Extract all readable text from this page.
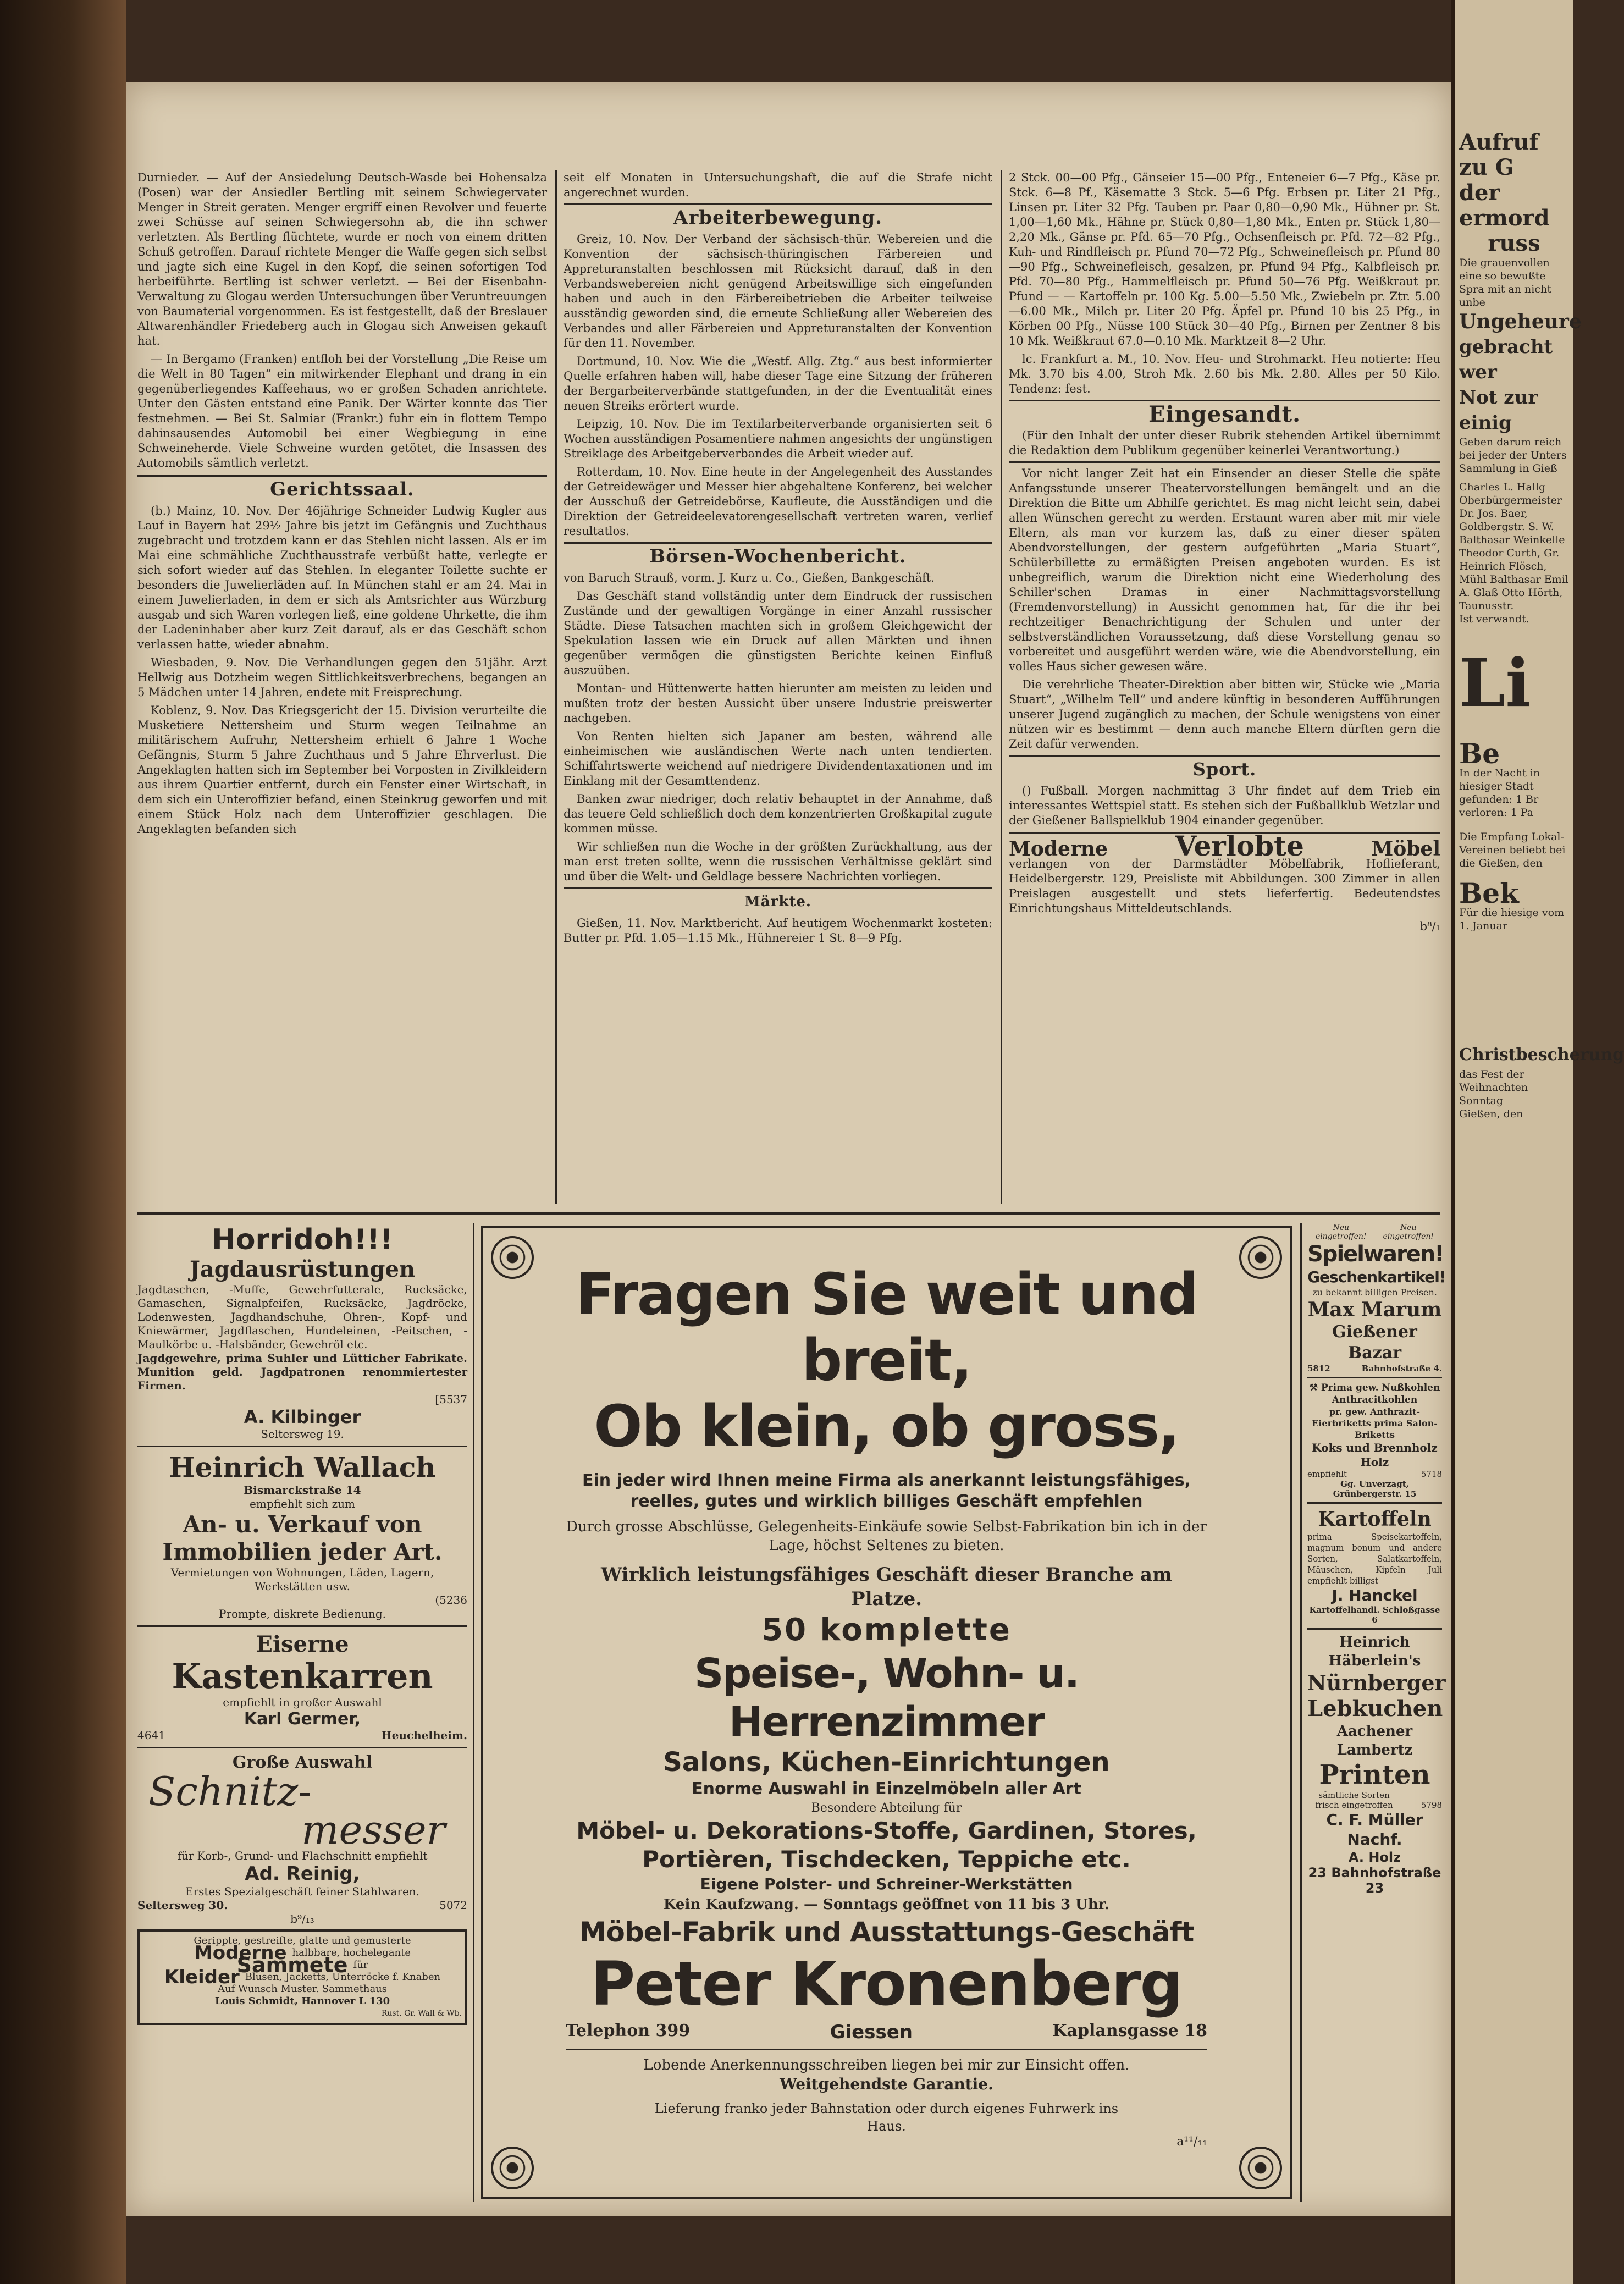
Durnieder. — Auf der Ansiedelung Deutsch-Wasde bei Hohensalza (Posen) war der Ansiedler Bertling mit seinem Schwiegervater Menger in Streit geraten. Menger ergriff einen Revolver und feuerte zwei Schüsse auf seinen Schwiegersohn ab, die ihn schwer verletzten. Als Bertling flüchtete, wurde er noch von einem dritten Schuß getroffen. Darauf richtete Menger die Waffe gegen sich selbst und jagte sich eine Kugel in den Kopf, die seinen sofortigen Tod herbeiführte. Bertling ist schwer verletzt. — Bei der Eisenbahn-Verwaltung zu Glogau werden Untersuchungen über Veruntreuungen von Baumaterial vorgenommen. Es ist festgestellt, daß der Breslauer Altwarenhändler Friedeberg auch in Glogau sich Anweisen gekauft hat.

— In Bergamo (Franken) entfloh bei der Vorstellung „Die Reise um die Welt in 80 Tagen“ ein mitwirkender Elephant und drang in ein gegenüberliegendes Kaffeehaus, wo er großen Schaden anrichtete. Unter den Gästen entstand eine Panik. Der Wärter konnte das Tier festnehmen. — Bei St. Salmiar (Frankr.) fuhr ein in flottem Tempo dahinsausendes Automobil bei einer Wegbiegung in eine Schweineherde. Viele Schweine wurden getötet, die Insassen des Automobils sämtlich verletzt.

Gerichtssaal.

(b.) Mainz, 10. Nov. Der 46jährige Schneider Ludwig Kugler aus Lauf in Bayern hat 29½ Jahre bis jetzt im Gefängnis und Zuchthaus zugebracht und trotzdem kann er das Stehlen nicht lassen. Als er im Mai eine schmähliche Zuchthausstrafe verbüßt hatte, verlegte er sich sofort wieder auf das Stehlen. In eleganter Toilette suchte er besonders die Juwelierläden auf. In München stahl er am 24. Mai in einem Juwelierladen, in dem er sich als Amtsrichter aus Würzburg ausgab und sich Waren vorlegen ließ, eine goldene Uhrkette, die ihm der Ladeninhaber aber kurz Zeit darauf, als er das Geschäft schon verlassen hatte, wieder abnahm.

Wiesbaden, 9. Nov. Die Verhandlungen gegen den 51jähr. Arzt Hellwig aus Dotzheim wegen Sittlichkeitsverbrechens, begangen an 5 Mädchen unter 14 Jahren, endete mit Freisprechung.

Koblenz, 9. Nov. Das Kriegsgericht der 15. Division verurteilte die Musketiere Nettersheim und Sturm wegen Teilnahme an militärischem Aufruhr, Nettersheim erhielt 6 Jahre 1 Woche Gefängnis, Sturm 5 Jahre Zuchthaus und 5 Jahre Ehrverlust. Die Angeklagten hatten sich im September bei Vorposten in Zivilkleidern aus ihrem Quartier entfernt, durch ein Fenster einer Wirtschaft, in dem sich ein Unteroffizier befand, einen Steinkrug geworfen und mit einem Stück Holz nach dem Unteroffizier geschlagen. Die Angeklagten befanden sich

seit elf Monaten in Untersuchungshaft, die auf die Strafe nicht angerechnet wurden.

Arbeiterbewegung.

Greiz, 10. Nov. Der Verband der sächsisch-thür. Webereien und die Konvention der sächsisch-thüringischen Färbereien und Appreturanstalten beschlossen mit Rücksicht darauf, daß in den Verbandswebereien nicht genügend Arbeitswillige sich eingefunden haben und auch in den Färbereibetrieben die Arbeiter teilweise ausständig geworden sind, die erneute Schließung aller Webereien des Verbandes und aller Färbereien und Appreturanstalten der Konvention für den 11. November.

Dortmund, 10. Nov. Wie die „Westf. Allg. Ztg.“ aus best informierter Quelle erfahren haben will, habe dieser Tage eine Sitzung der früheren der Bergarbeiterverbände stattgefunden, in der die Eventualität eines neuen Streiks erörtert wurde.

Leipzig, 10. Nov. Die im Textilarbeiterverbande organisierten seit 6 Wochen ausständigen Posamentiere nahmen angesichts der ungünstigen Streiklage des Arbeitgeberverbandes die Arbeit wieder auf.

Rotterdam, 10. Nov. Eine heute in der Angelegenheit des Ausstandes der Getreidewäger und Messer hier abgehaltene Konferenz, bei welcher der Ausschuß der Getreidebörse, Kaufleute, die Ausständigen und die Direktion der Getreideelevatorengesellschaft vertreten waren, verlief resultatlos.

Börsen-Wochenbericht.

von Baruch Strauß, vorm. J. Kurz u. Co., Gießen, Bankgeschäft.

Das Geschäft stand vollständig unter dem Eindruck der russischen Zustände und der gewaltigen Vorgänge in einer Anzahl russischer Städte. Diese Tatsachen machten sich in großem Gleichgewicht der Spekulation lassen wie ein Druck auf allen Märkten und ihnen gegenüber vermögen die günstigsten Berichte keinen Einfluß auszuüben.

Montan- und Hüttenwerte hatten hierunter am meisten zu leiden und mußten trotz der besten Aussicht über unsere Industrie preiswerter nachgeben.

Von Renten hielten sich Japaner am besten, während alle einheimischen wie ausländischen Werte nach unten tendierten. Schiffahrtswerte weichend auf niedrigere Dividendentaxationen und im Einklang mit der Gesamttendenz.

Banken zwar niedriger, doch relativ behauptet in der Annahme, daß das teuere Geld schließlich doch dem konzentrierten Großkapital zugute kommen müsse.

Wir schließen nun die Woche in der größten Zurückhaltung, aus der man erst treten sollte, wenn die russischen Verhältnisse geklärt sind und über die Welt- und Geldlage bessere Nachrichten vorliegen.

Märkte.

Gießen, 11. Nov. Marktbericht. Auf heutigem Wochenmarkt kosteten: Butter pr. Pfd. 1.05—1.15 Mk., Hühnereier 1 St. 8—9 Pfg.

2 Stck. 00—00 Pfg., Gänseier 15—00 Pfg., Enteneier 6—7 Pfg., Käse pr. Stck. 6—8 Pf., Käsematte 3 Stck. 5—6 Pfg. Erbsen pr. Liter 21 Pfg., Linsen pr. Liter 32 Pfg. Tauben pr. Paar 0,80—0,90 Mk., Hühner pr. St. 1,00—1,60 Mk., Hähne pr. Stück 0,80—1,80 Mk., Enten pr. Stück 1,80—2,20 Mk., Gänse pr. Pfd. 65—70 Pfg., Ochsenfleisch pr. Pfd. 72—82 Pfg., Kuh- und Rindfleisch pr. Pfund 70—72 Pfg., Schweinefleisch pr. Pfund 80—90 Pfg., Schweinefleisch, gesalzen, pr. Pfund 94 Pfg., Kalbfleisch pr. Pfd. 70—80 Pfg., Hammelfleisch pr. Pfund 50—76 Pfg. Weißkraut pr. Pfund — — Kartoffeln pr. 100 Kg. 5.00—5.50 Mk., Zwiebeln pr. Ztr. 5.00—6.00 Mk., Milch pr. Liter 20 Pfg. Äpfel pr. Pfund 10 bis 25 Pfg., in Körben 00 Pfg., Nüsse 100 Stück 30—40 Pfg., Birnen per Zentner 8 bis 10 Mk. Weißkraut 67.0—0.10 Mk. Marktzeit 8—2 Uhr.

lc. Frankfurt a. M., 10. Nov. Heu- und Strohmarkt. Heu notierte: Heu Mk. 3.70 bis 4.00, Stroh Mk. 2.60 bis Mk. 2.80. Alles per 50 Kilo. Tendenz: fest.

Eingesandt.

(Für den Inhalt der unter dieser Rubrik stehenden Artikel übernimmt die Redaktion dem Publikum gegenüber keinerlei Verantwortung.)

Vor nicht langer Zeit hat ein Einsender an dieser Stelle die späte Anfangsstunde unserer Theatervorstellungen bemängelt und an die Direktion die Bitte um Abhilfe gerichtet. Es mag nicht leicht sein, dabei allen Wünschen gerecht zu werden. Erstaunt waren aber mit mir viele Eltern, als man vor kurzem las, daß zu einer dieser späten Abendvorstellungen, der gestern aufgeführten „Maria Stuart“, Schülerbillette zu ermäßigten Preisen angeboten wurden. Es ist unbegreiflich, warum die Direktion nicht eine Wiederholung des Schiller'schen Dramas in einer Nachmittagsvorstellung (Fremdenvorstellung) in Aussicht genommen hat, für die ihr bei rechtzeitiger Benachrichtigung der Schulen und unter der selbstverständlichen Voraussetzung, daß diese Vorstellung genau so vorbereitet und ausgeführt werden wäre, wie die Abendvorstellung, ein volles Haus sicher gewesen wäre.

Die verehrliche Theater-Direktion aber bitten wir, Stücke wie „Maria Stuart“, „Wilhelm Tell“ und andere künftig in besonderen Aufführungen unserer Jugend zugänglich zu machen, der Schule wenigstens von einer nützen wir es bestimmt — denn auch manche Eltern dürften gern die Zeit dafür verwenden.

Sport.

() Fußball. Morgen nachmittag 3 Uhr findet auf dem Trieb ein interessantes Wettspiel statt. Es stehen sich der Fußballklub Wetzlar und der Gießener Ballspielklub 1904 einander gegenüber.

Moderne Verlobte	Möbel

verlangen von der Darmstädter Möbelfabrik, Hoflieferant, Heidelbergerstr. 129, Preisliste mit Abbildungen. 300 Zimmer in allen Preislagen ausgestellt und stets lieferfertig. Bedeutendstes Einrichtungshaus Mitteldeutschlands.

b⁸/₁
Horridoh!!!
Jagdausrüstungen
Jagdtaschen, -Muffe, Gewehrfutterale, Rucksäcke, Gamaschen, Signalpfeifen, Rucksäcke, Jagdröcke, Lodenwesten, Jagdhandschuhe, Ohren-, Kopf- und Kniewärmer, Jagdflaschen, Hundeleinen, -Peitschen, -Maulkörbe u. -Halsbänder, Gewehröl etc.
Jagdgewehre, prima Suhler und Lütticher Fabrikate. Munition geld. Jagdpatronen renommiertester Firmen.
[5537
A. Kilbinger
Seltersweg 19.
Heinrich Wallach
Bismarckstraße 14
empfiehlt sich zum
An- u. Verkauf von Immobilien jeder Art.
Vermietungen von Wohnungen, Läden, Lagern, Werkstätten usw.
(5236
Prompte, diskrete Bedienung.
Eiserne
Kastenkarren
empfiehlt in großer Auswahl
Karl Germer,
4641	Heuchelheim.
Große Auswahl
Schnitz-
messer
für Korb-, Grund- und Flachschnitt empfiehlt
Ad. Reinig,
Erstes Spezialgeschäft feiner Stahlwaren.
Seltersweg 30.	5072
b⁹/₁₃
Gerippte, gestreifte, glatte und gemusterte
Moderne halbbare, hochelegante
Sammete für
Kleider Blusen, Jacketts, Unterröcke f. Knaben
Auf Wunsch Muster. Sammethaus
Louis Schmidt, Hannover L 130
Rust. Gr. Wall & Wb.
Fragen Sie weit und breit,
Ob klein, ob gross,
Ein jeder wird Ihnen meine Firma als anerkannt leistungsfähiges, reelles, gutes und wirklich billiges Geschäft empfehlen
Durch grosse Abschlüsse, Gelegenheits-Einkäufe sowie Selbst-Fabrikation bin ich in der Lage, höchst Seltenes zu bieten.
Wirklich leistungsfähiges Geschäft dieser Branche am Platze.
50 komplette
Speise-, Wohn- u. Herrenzimmer
Salons, Küchen-Einrichtungen
Enorme Auswahl in Einzelmöbeln aller Art
Besondere Abteilung für
Möbel- u. Dekorations-Stoffe, Gardinen, Stores, Portièren, Tischdecken, Teppiche etc.
Eigene Polster- und Schreiner-Werkstätten
Kein Kaufzwang. — Sonntags geöffnet von 11 bis 3 Uhr.
Möbel-Fabrik und Ausstattungs-Geschäft
Peter Kronenberg
Telephon 399	Giessen	Kaplansgasse 18
Lobende Anerkennungsschreiben liegen bei mir zur Einsicht offen.
Weitgehendste Garantie.
Lieferung franko jeder Bahnstation oder durch eigenes Fuhrwerk ins Haus.
a¹¹/₁₁
Neu eingetroffen!
Neu eingetroffen!
Spielwaren!
Geschenkartikel!
zu bekannt billigen Preisen.
Max Marum
Gießener Bazar
5812	Bahnhofstraße 4.
⚒ Prima gew. Nußkohlen Anthracitkohlen
pr. gew. Anthrazit-Eierbriketts prima Salon-Briketts
Koks und Brennholz Holz
empfiehlt	5718
Gg. Unverzagt, Grünbergerstr. 15
Kartoffeln
prima Speisekartoffeln, magnum bonum und andere Sorten, Salatkartoffeln, Mäuschen, Kipfeln Juli empfiehlt billigst
J. Hanckel
Kartoffelhandl. Schloßgasse 6
Heinrich Häberlein's
Nürnberger
Lebkuchen
Aachener Lambertz
Printen
sämtliche Sorten frisch eingetroffen	5798
C. F. Müller Nachf.
A. Holz
23 Bahnhofstraße 23
Aufruf zu G
der ermord
russ
Die grauenvollen eine so bewußte Spra mit an nicht unbe
Ungeheure
gebracht wer
Not zur einig
Geben darum reich bei jeder der Unters Sammlung in Gieß
Charles L. Hallg Oberbürgermeister Dr. Jos. Baer, Goldbergstr. S. W. Balthasar Weinkelle Theodor Curth, Gr. Heinrich Flösch, Mühl Balthasar Emil A. Glaß Otto Hörth, Taunusstr.
Ist verwandt.
Li
Be
In der Nacht in hiesiger Stadt gefunden: 1 Br verloren: 1 Pa
Die Empfang Lokal-Vereinen beliebt bei die Gießen, den
Bek
Für die hiesige vom 1. Januar
Christbescherung
das Fest der Weihnachten Sonntag
Gießen, den
